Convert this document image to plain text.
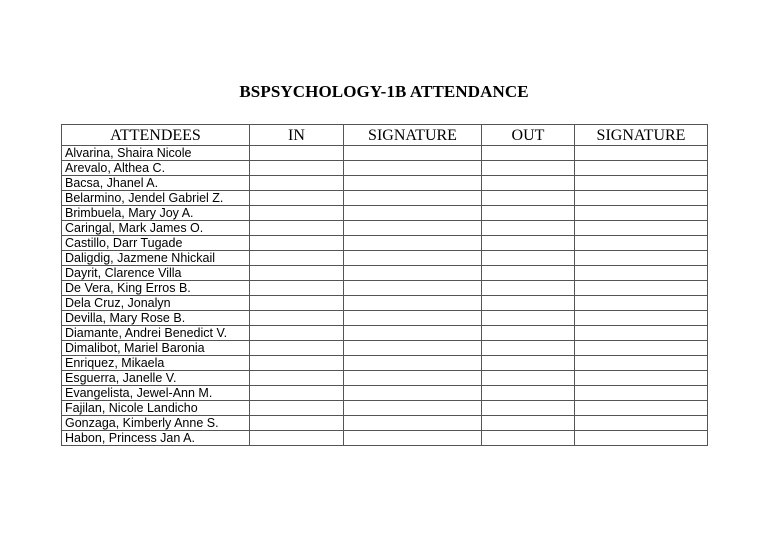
BSPSYCHOLOGY-1B ATTENDANCE
ATTENDEES	IN	SIGNATURE	OUT	SIGNATURE
Alvarina, Shaira Nicole				
Arevalo, Althea C.				
Bacsa, Jhanel A.				
Belarmino, Jendel Gabriel Z.				
Brimbuela, Mary Joy A.				
Caringal, Mark James O.				
Castillo, Darr Tugade				
Daligdig, Jazmene Nhickail				
Dayrit, Clarence Villa				
De Vera, King Erros B.				
Dela Cruz, Jonalyn				
Devilla, Mary Rose B.				
Diamante, Andrei Benedict V.				
Dimalibot, Mariel Baronia				
Enriquez, Mikaela				
Esguerra, Janelle V.				
Evangelista, Jewel-Ann M.				
Fajilan, Nicole Landicho				
Gonzaga, Kimberly Anne S.				
Habon, Princess Jan A.				
